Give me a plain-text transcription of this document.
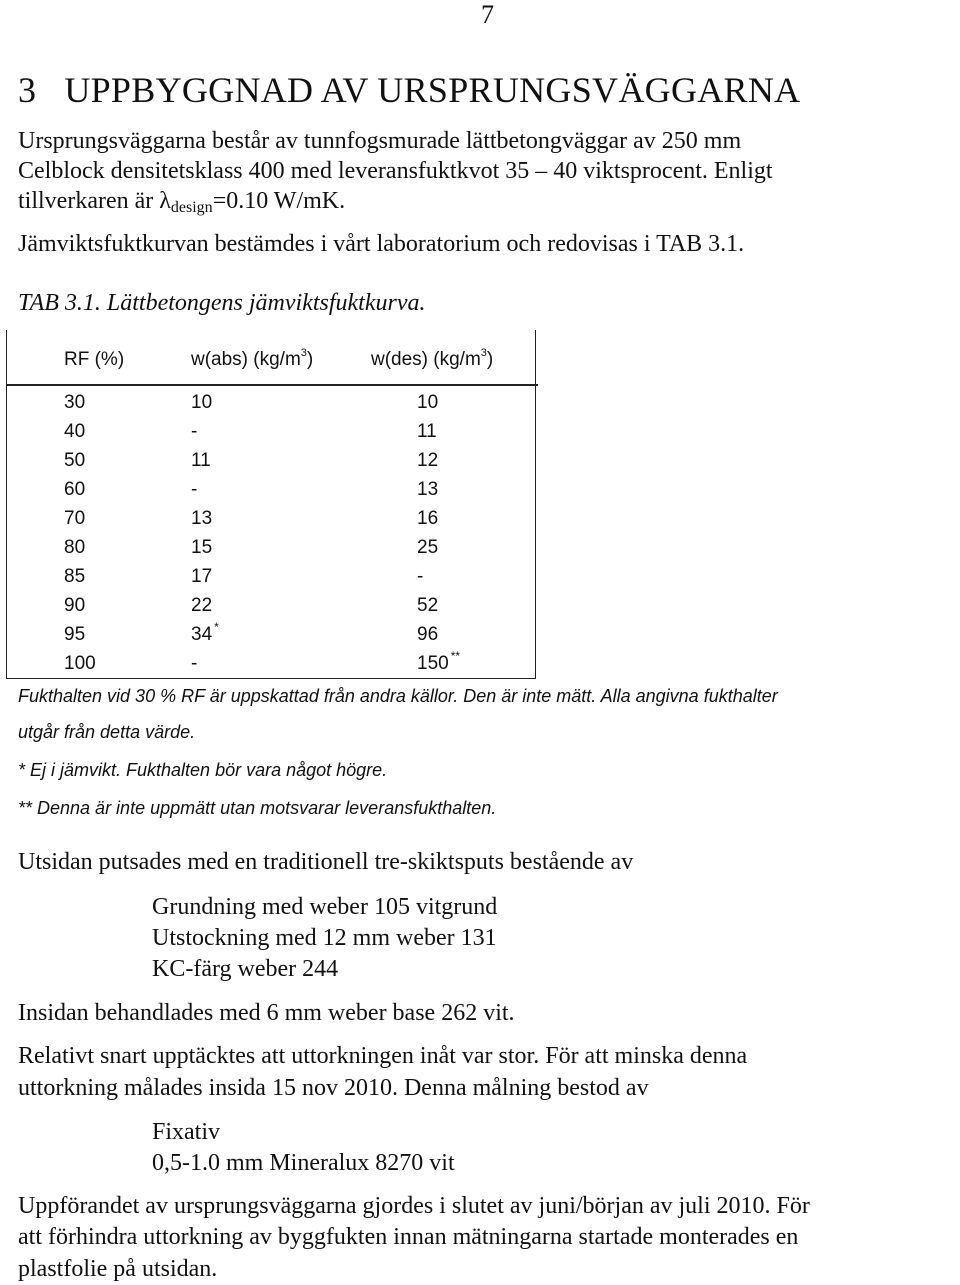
7
3 UPPBYGGNAD AV URSPRUNGSVÄGGARNA
Ursprungsväggarna består av tunnfogsmurade lättbetongväggar av 250 mm
Celblock densitetsklass 400 med leveransfuktkvot 35 – 40 viktsprocent. Enligt
tillverkaren är $\lambda_{design}=0.10$ W/mK.
Jämviktsfuktkurvan bestämdes i vårt laboratorium och redovisas i TAB 3.1.
TAB 3.1. Lättbetongens jämviktsfuktkurva.
RF (%)	w(abs) $(kg/m^3)$	w(des) $(kg/m^3)$
30	10	10
40	-	11
50	11	12
60	-	13
70	13	16
80	15	25
85	17	-
90	22	52
95	34 *	96
100	-	150 **
Fukthalten vid 30 % RF är uppskattad från andra källor. Den är inte mätt. Alla angivna fukthalter
utgår från detta värde.
* Ej i jämvikt. Fukthalten bör vara något högre.
** Denna är inte uppmätt utan motsvarar leveransfukthalten.
Utsidan putsades med en traditionell tre-skiktsputs bestående av
Grundning med weber 105 vitgrund
Utstockning med 12 mm weber 131
KC-färg weber 244
Insidan behandlades med 6 mm weber base 262 vit.
Relativt snart upptäcktes att uttorkningen inåt var stor. För att minska denna
uttorkning målades insida 15 nov 2010. Denna målning bestod av
Fixativ
0,5-1.0 mm Mineralux 8270 vit
Uppförandet av ursprungsväggarna gjordes i slutet av juni/början av juli 2010. För
att förhindra uttorkning av byggfukten innan mätningarna startade monterades en
plastfolie på utsidan.
